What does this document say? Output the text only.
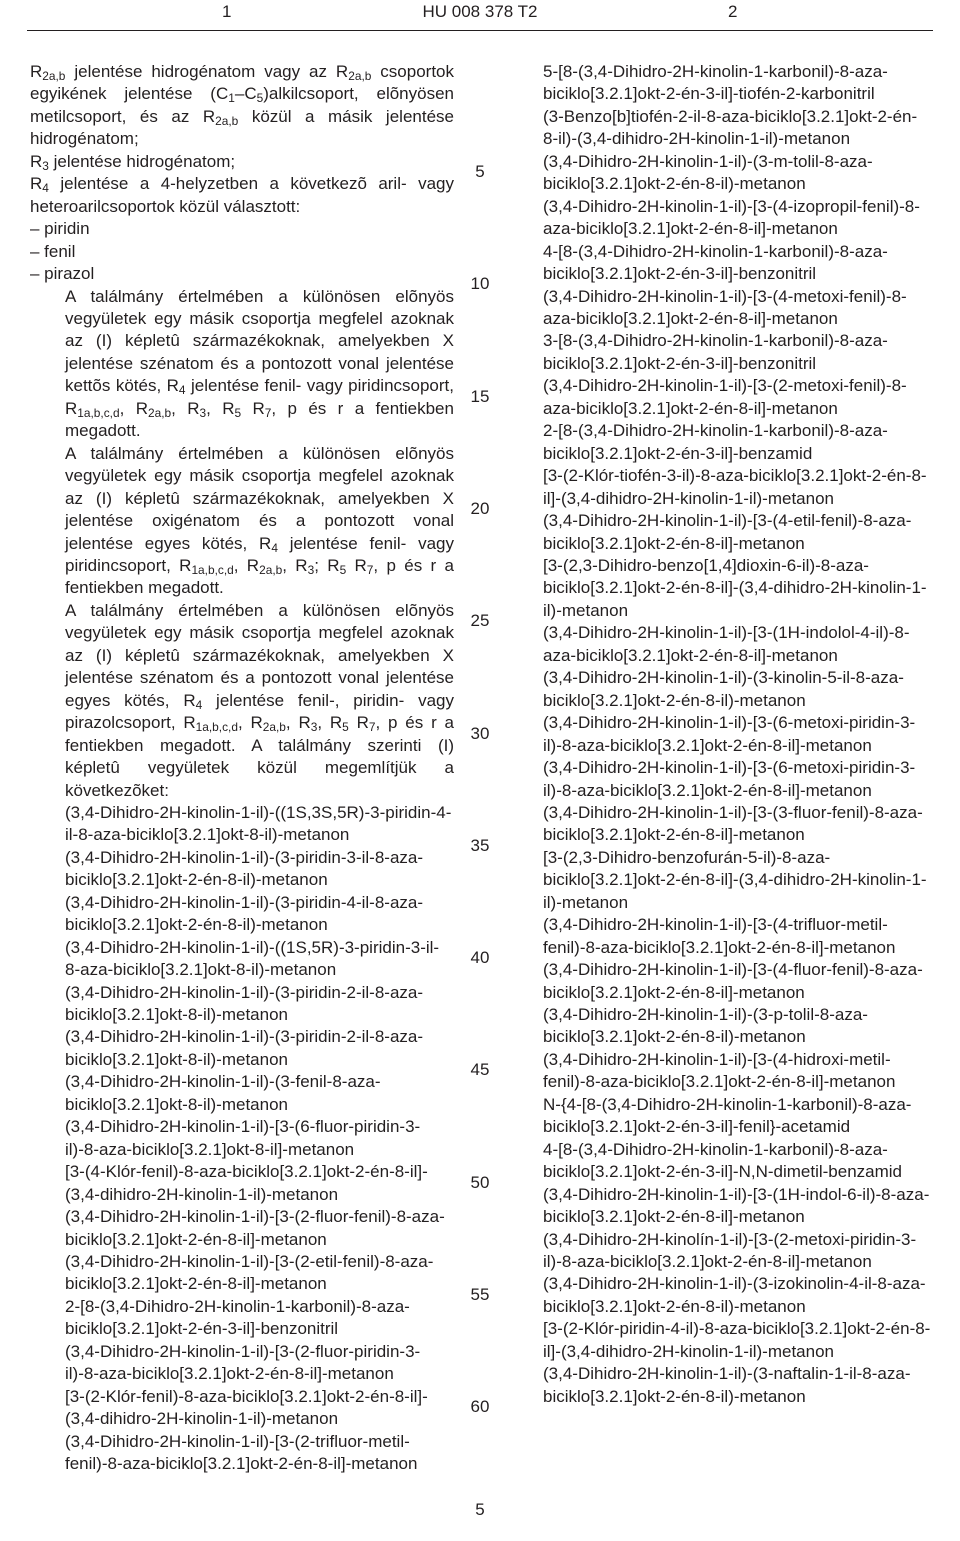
1	HU 008 378 T2	2

$R_{2a,b}$ jelentése hidrogénatom vagy az $R_{2a,b}$ csoportok egyikének jelentése $(C_1-C_5)alkilcsoport$, elõnyösen metilcsoport, és az $R_{2a,b}$ közül a másik jelentése hidrogénatom;

$R_3$ jelentése hidrogénatom;

$R_4$ jelentése a 4-helyzetben a következõ aril- vagy heteroarilcsoportok közül választott:

– piridin

– fenil

– pirazol

A találmány értelmében a különösen elõnyös vegyületek egy másik csoportja megfelel azoknak az (I) képletû származékoknak, amelyekben X jelentése szénatom és a pontozott vonal jelentése kettõs kötés, $R_4$ jelentése fenil- vagy piridincsoport, $R_{1a,b,c,d}$, $R_{2a,b}$, $R_3$, $R_5$ $R_7$, p és r a fentiekben megadott.

A találmány értelmében a különösen elõnyös vegyületek egy másik csoportja megfelel azoknak az (I) képletû származékoknak, amelyekben X jelentése oxigénatom és a pontozott vonal jelentése egyes kötés, $R_4$ jelentése fenil- vagy piridincsoport, $R_{1a,b,c,d}$, $R_{2a,b}$, $R_3$; $R_5$ $R_7$, p és r a fentiekben megadott.

A találmány értelmében a különösen elõnyös vegyületek egy másik csoportja megfelel azoknak az (I) képletû származékoknak, amelyekben X jelentése szénatom és a pontozott vonal jelentése egyes kötés, $R_4$ jelentése fenil-, piridin- vagy pirazolcsoport, $R_{1a,b,c,d}$, $R_{2a,b}$, $R_3$, $R_5$ $R_7$, p és r a fentiekben megadott. A találmány szerinti (I) képletû vegyületek közül megemlítjük a következõket:

(3,4-Dihidro-2H-kinolin-1-il)-((1S,3S,5R)-3-piridin-4-il-8-aza-biciklo[3.2.1]okt-8-il)-metanon

(3,4-Dihidro-2H-kinolin-1-il)-(3-piridin-3-il-8-aza-biciklo[3.2.1]okt-2-én-8-il)-metanon

(3,4-Dihidro-2H-kinolin-1-il)-(3-piridin-4-il-8-aza-biciklo[3.2.1]okt-2-én-8-il)-metanon

(3,4-Dihidro-2H-kinolin-1-il)-((1S,5R)-3-piridin-3-il-8-aza-biciklo[3.2.1]okt-8-il)-metanon

(3,4-Dihidro-2H-kinolin-1-il)-(3-piridin-2-il-8-aza-biciklo[3.2.1]okt-8-il)-metanon

(3,4-Dihidro-2H-kinolin-1-il)-(3-piridin-2-il-8-aza-biciklo[3.2.1]okt-8-il)-metanon

(3,4-Dihidro-2H-kinolin-1-il)-(3-fenil-8-aza-biciklo[3.2.1]okt-8-il)-metanon

(3,4-Dihidro-2H-kinolin-1-il)-[3-(6-fluor-piridin-3-il)-8-aza-biciklo[3.2.1]okt-8-il]-metanon

[3-(4-Klór-fenil)-8-aza-biciklo[3.2.1]okt-2-én-8-il]-(3,4-dihidro-2H-kinolin-1-il)-metanon

(3,4-Dihidro-2H-kinolin-1-il)-[3-(2-fluor-fenil)-8-aza-biciklo[3.2.1]okt-2-én-8-il]-metanon

(3,4-Dihidro-2H-kinolin-1-il)-[3-(2-etil-fenil)-8-aza-biciklo[3.2.1]okt-2-én-8-il]-metanon

2-[8-(3,4-Dihidro-2H-kinolin-1-karbonil)-8-aza-biciklo[3.2.1]okt-2-én-3-il]-benzonitril

(3,4-Dihidro-2H-kinolin-1-il)-[3-(2-fluor-piridin-3-il)-8-aza-biciklo[3.2.1]okt-2-én-8-il]-metanon

[3-(2-Klór-fenil)-8-aza-biciklo[3.2.1]okt-2-én-8-il]-(3,4-dihidro-2H-kinolin-1-il)-metanon

(3,4-Dihidro-2H-kinolin-1-il)-[3-(2-trifluor-metil-fenil)-8-aza-biciklo[3.2.1]okt-2-én-8-il]-metanon

5-[8-(3,4-Dihidro-2H-kinolin-1-karbonil)-8-aza-biciklo[3.2.1]okt-2-én-3-il]-tiofén-2-karbonitril

(3-Benzo[b]tiofén-2-il-8-aza-biciklo[3.2.1]okt-2-én-8-il)-(3,4-dihidro-2H-kinolin-1-il)-metanon

(3,4-Dihidro-2H-kinolin-1-il)-(3-m-tolil-8-aza-biciklo[3.2.1]okt-2-én-8-il)-metanon

(3,4-Dihidro-2H-kinolin-1-il)-[3-(4-izopropil-fenil)-8-aza-biciklo[3.2.1]okt-2-én-8-il]-metanon

4-[8-(3,4-Dihidro-2H-kinolin-1-karbonil)-8-aza-biciklo[3.2.1]okt-2-én-3-il]-benzonitril

(3,4-Dihidro-2H-kinolin-1-il)-[3-(4-metoxi-fenil)-8-aza-biciklo[3.2.1]okt-2-én-8-il]-metanon

3-[8-(3,4-Dihidro-2H-kinolin-1-karbonil)-8-aza-biciklo[3.2.1]okt-2-én-3-il]-benzonitril

(3,4-Dihidro-2H-kinolin-1-il)-[3-(2-metoxi-fenil)-8-aza-biciklo[3.2.1]okt-2-én-8-il]-metanon

2-[8-(3,4-Dihidro-2H-kinolin-1-karbonil)-8-aza-biciklo[3.2.1]okt-2-én-3-il]-benzamid

[3-(2-Klór-tiofén-3-il)-8-aza-biciklo[3.2.1]okt-2-én-8-il]-(3,4-dihidro-2H-kinolin-1-il)-metanon

(3,4-Dihidro-2H-kinolin-1-il)-[3-(4-etil-fenil)-8-aza-biciklo[3.2.1]okt-2-én-8-il]-metanon

[3-(2,3-Dihidro-benzo[1,4]dioxin-6-il)-8-aza-biciklo[3.2.1]okt-2-én-8-il]-(3,4-dihidro-2H-kinolin-1-il)-metanon

(3,4-Dihidro-2H-kinolin-1-il)-[3-(1H-indolol-4-il)-8-aza-biciklo[3.2.1]okt-2-én-8-il]-metanon

(3,4-Dihidro-2H-kinolin-1-il)-(3-kinolin-5-il-8-aza-biciklo[3.2.1]okt-2-én-8-il)-metanon

(3,4-Dihidro-2H-kinolin-1-il)-[3-(6-metoxi-piridin-3-il)-8-aza-biciklo[3.2.1]okt-2-én-8-il]-metanon

(3,4-Dihidro-2H-kinolin-1-il)-[3-(6-metoxi-piridin-3-il)-8-aza-biciklo[3.2.1]okt-2-én-8-il]-metanon

(3,4-Dihidro-2H-kinolin-1-il)-[3-(3-fluor-fenil)-8-aza-biciklo[3.2.1]okt-2-én-8-il]-metanon

[3-(2,3-Dihidro-benzofurán-5-il)-8-aza-biciklo[3.2.1]okt-2-én-8-il]-(3,4-dihidro-2H-kinolin-1-il)-metanon

(3,4-Dihidro-2H-kinolin-1-il)-[3-(4-trifluor-metil-fenil)-8-aza-biciklo[3.2.1]okt-2-én-8-il]-metanon

(3,4-Dihidro-2H-kinolin-1-il)-[3-(4-fluor-fenil)-8-aza-biciklo[3.2.1]okt-2-én-8-il]-metanon

(3,4-Dihidro-2H-kinolin-1-il)-(3-p-tolil-8-aza-biciklo[3.2.1]okt-2-én-8-il)-metanon

(3,4-Dihidro-2H-kinolin-1-il)-[3-(4-hidroxi-metil-fenil)-8-aza-biciklo[3.2.1]okt-2-én-8-il]-metanon

N-{4-[8-(3,4-Dihidro-2H-kinolin-1-karbonil)-8-aza-biciklo[3.2.1]okt-2-én-3-il]-fenil}-acetamid

4-[8-(3,4-Dihidro-2H-kinolin-1-karbonil)-8-aza-biciklo[3.2.1]okt-2-én-3-il]-N,N-dimetil-benzamid

(3,4-Dihidro-2H-kinolin-1-il)-[3-(1H-indol-6-il)-8-aza-biciklo[3.2.1]okt-2-én-8-il]-metanon

(3,4-Dihidro-2H-kinolín-1-il)-[3-(2-metoxi-piridin-3-il)-8-aza-biciklo[3.2.1]okt-2-én-8-il]-metanon

(3,4-Dihidro-2H-kinolin-1-il)-(3-izokinolin-4-il-8-aza-biciklo[3.2.1]okt-2-én-8-il)-metanon

[3-(2-Klór-piridin-4-il)-8-aza-biciklo[3.2.1]okt-2-én-8-il]-(3,4-dihidro-2H-kinolin-1-il)-metanon

(3,4-Dihidro-2H-kinolin-1-il)-(3-naftalin-1-il-8-aza-biciklo[3.2.1]okt-2-én-8-il)-metanon

5
10
15
20
25
30
35
40
45
50
55
60
5
